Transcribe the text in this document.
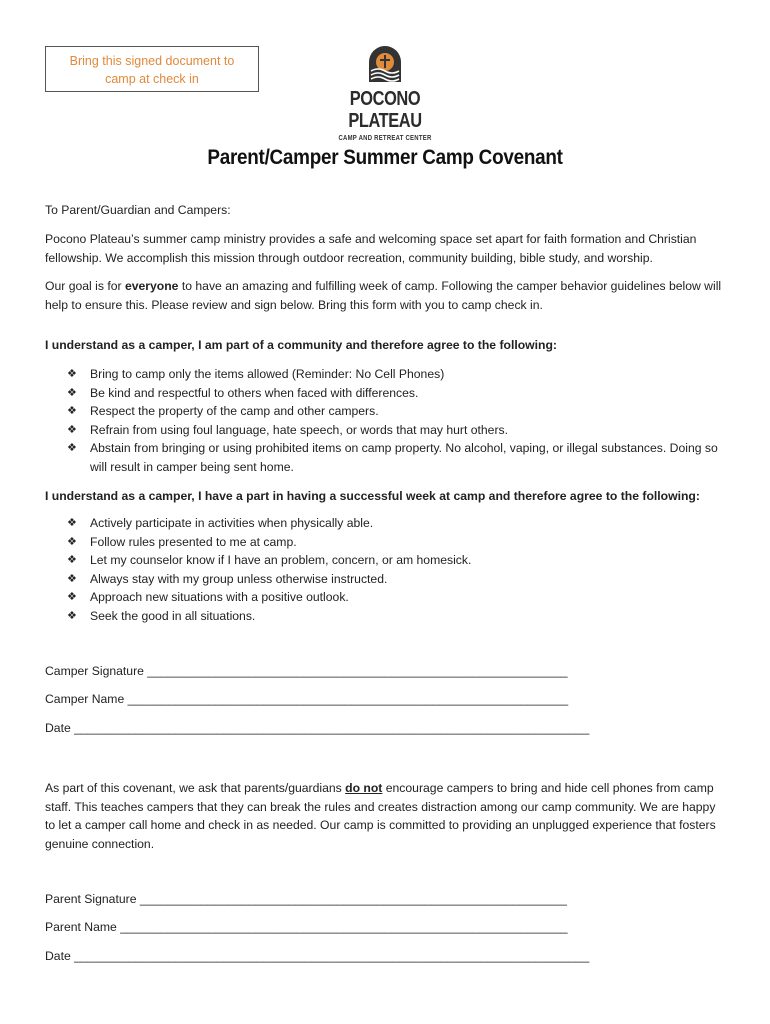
Bring this signed document to
camp at check in
POCONO PLATEAU
CAMP AND RETREAT CENTER
Parent/Camper Summer Camp Covenant

To Parent/Guardian and Campers:

Pocono Plateau’s summer camp ministry provides a safe and welcoming space set apart for faith formation and Christian fellowship. We accomplish this mission through outdoor recreation, community building, bible study, and worship.

Our goal is for everyone to have an amazing and fulfilling week of camp. Following the camper behavior guidelines below will help to ensure this. Please review and sign below. Bring this form with you to camp check in.

I understand as a camper, I am part of a community and therefore agree to the following:
❖ Bring to camp only the items allowed (Reminder: No Cell Phones)
❖ Be kind and respectful to others when faced with differences.
❖ Respect the property of the camp and other campers.
❖ Refrain from using foul language, hate speech, or words that may hurt others.
❖ Abstain from bringing or using prohibited items on camp property. No alcohol, vaping, or illegal substances. Doing so will result in camper being sent home.
I understand as a camper, I have a part in having a successful week at camp and therefore agree to the following:
❖ Actively participate in activities when physically able.
❖ Follow rules presented to me at camp.
❖ Let my counselor know if I have an problem, concern, or am homesick.
❖ Always stay with my group unless otherwise instructed.
❖ Approach new situations with a positive outlook.
❖ Seek the good in all situations.
Camper Signature ______________________________________________________________
Camper Name _________________________________________________________________
Date ____________________________________________________________________________

As part of this covenant, we ask that parents/guardians do not encourage campers to bring and hide cell phones from camp staff. This teaches campers that they can break the rules and creates distraction among our camp community. We are happy to let a camper call home and check in as needed. Our camp is committed to providing an unplugged experience that fosters genuine connection.

Parent Signature _______________________________________________________________
Parent Name __________________________________________________________________
Date ____________________________________________________________________________
